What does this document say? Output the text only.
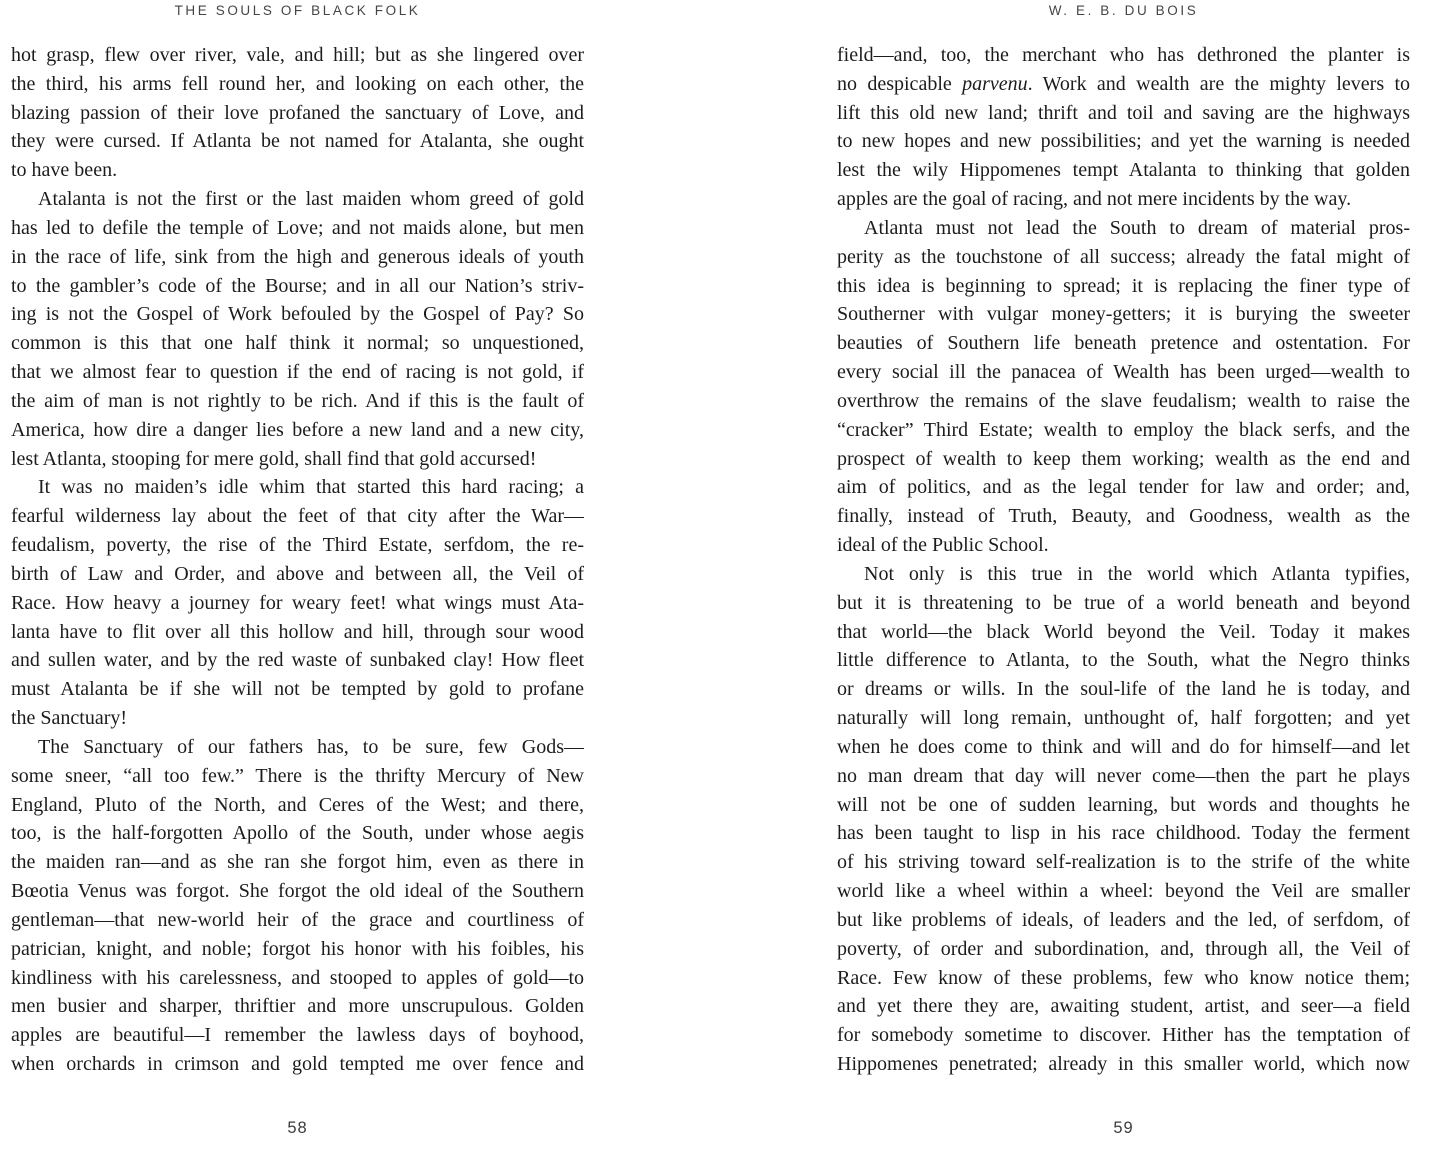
THE SOULS OF BLACK FOLK
hot grasp, flew over river, vale, and hill; but as she lingered over
the third, his arms fell round her, and looking on each other, the
blazing passion of their love profaned the sanctuary of Love, and
they were cursed. If Atlanta be not named for Atalanta, she ought
to have been.
Atalanta is not the first or the last maiden whom greed of gold
has led to defile the temple of Love; and not maids alone, but men
in the race of life, sink from the high and generous ideals of youth
to the gambler’s code of the Bourse; and in all our Nation’s striv-
ing is not the Gospel of Work befouled by the Gospel of Pay? So
common is this that one half think it normal; so unquestioned,
that we almost fear to question if the end of racing is not gold, if
the aim of man is not rightly to be rich. And if this is the fault of
America, how dire a danger lies before a new land and a new city,
lest Atlanta, stooping for mere gold, shall find that gold accursed!
It was no maiden’s idle whim that started this hard racing; a
fearful wilderness lay about the feet of that city after the War—
feudalism, poverty, the rise of the Third Estate, serfdom, the re-
birth of Law and Order, and above and between all, the Veil of
Race. How heavy a journey for weary feet! what wings must Ata-
lanta have to flit over all this hollow and hill, through sour wood
and sullen water, and by the red waste of sunbaked clay! How fleet
must Atalanta be if she will not be tempted by gold to profane
the Sanctuary!
The Sanctuary of our fathers has, to be sure, few Gods—
some sneer, “all too few.” There is the thrifty Mercury of New
England, Pluto of the North, and Ceres of the West; and there,
too, is the half-forgotten Apollo of the South, under whose aegis
the maiden ran—and as she ran she forgot him, even as there in
Bœotia Venus was forgot. She forgot the old ideal of the Southern
gentleman—that new-world heir of the grace and courtliness of
patrician, knight, and noble; forgot his honor with his foibles, his
kindliness with his carelessness, and stooped to apples of gold—to
men busier and sharper, thriftier and more unscrupulous. Golden
apples are beautiful—I remember the lawless days of boyhood,
when orchards in crimson and gold tempted me over fence and
58
W. E. B. DU BOIS
field—and, too, the merchant who has dethroned the planter is
no despicable parvenu. Work and wealth are the mighty levers to
lift this old new land; thrift and toil and saving are the highways
to new hopes and new possibilities; and yet the warning is needed
lest the wily Hippomenes tempt Atalanta to thinking that golden
apples are the goal of racing, and not mere incidents by the way.
Atlanta must not lead the South to dream of material pros-
perity as the touchstone of all success; already the fatal might of
this idea is beginning to spread; it is replacing the finer type of
Southerner with vulgar money-getters; it is burying the sweeter
beauties of Southern life beneath pretence and ostentation. For
every social ill the panacea of Wealth has been urged—wealth to
overthrow the remains of the slave feudalism; wealth to raise the
“cracker” Third Estate; wealth to employ the black serfs, and the
prospect of wealth to keep them working; wealth as the end and
aim of politics, and as the legal tender for law and order; and,
finally, instead of Truth, Beauty, and Goodness, wealth as the
ideal of the Public School.
Not only is this true in the world which Atlanta typifies,
but it is threatening to be true of a world beneath and beyond
that world—the black World beyond the Veil. Today it makes
little difference to Atlanta, to the South, what the Negro thinks
or dreams or wills. In the soul-life of the land he is today, and
naturally will long remain, unthought of, half forgotten; and yet
when he does come to think and will and do for himself—and let
no man dream that day will never come—then the part he plays
will not be one of sudden learning, but words and thoughts he
has been taught to lisp in his race childhood. Today the ferment
of his striving toward self-realization is to the strife of the white
world like a wheel within a wheel: beyond the Veil are smaller
but like problems of ideals, of leaders and the led, of serfdom, of
poverty, of order and subordination, and, through all, the Veil of
Race. Few know of these problems, few who know notice them;
and yet there they are, awaiting student, artist, and seer—a field
for somebody sometime to discover. Hither has the temptation of
Hippomenes penetrated; already in this smaller world, which now
59
